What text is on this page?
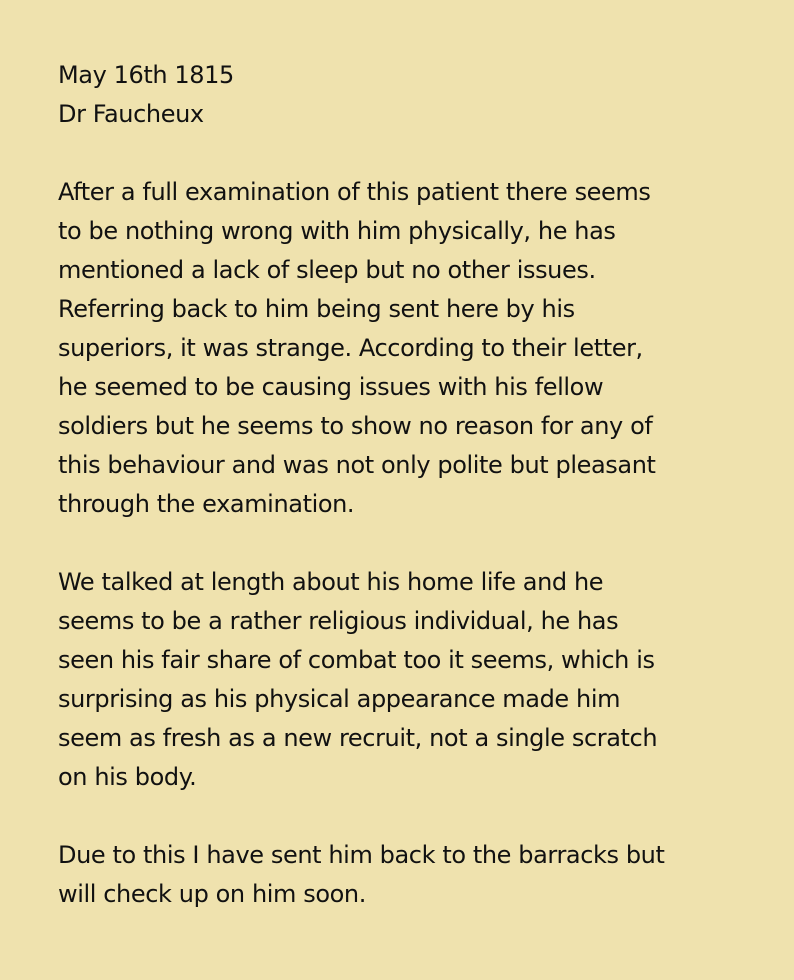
May 16th 1815
Dr Faucheux
After a full examination of this patient there seems
to be nothing wrong with him physically, he has
mentioned a lack of sleep but no other issues.
Referring back to him being sent here by his
superiors, it was strange. According to their letter,
he seemed to be causing issues with his fellow
soldiers but he seems to show no reason for any of
this behaviour and was not only polite but pleasant
through the examination.
We talked at length about his home life and he
seems to be a rather religious individual, he has
seen his fair share of combat too it seems, which is
surprising as his physical appearance made him
seem as fresh as a new recruit, not a single scratch
on his body.
Due to this I have sent him back to the barracks but
will check up on him soon.
